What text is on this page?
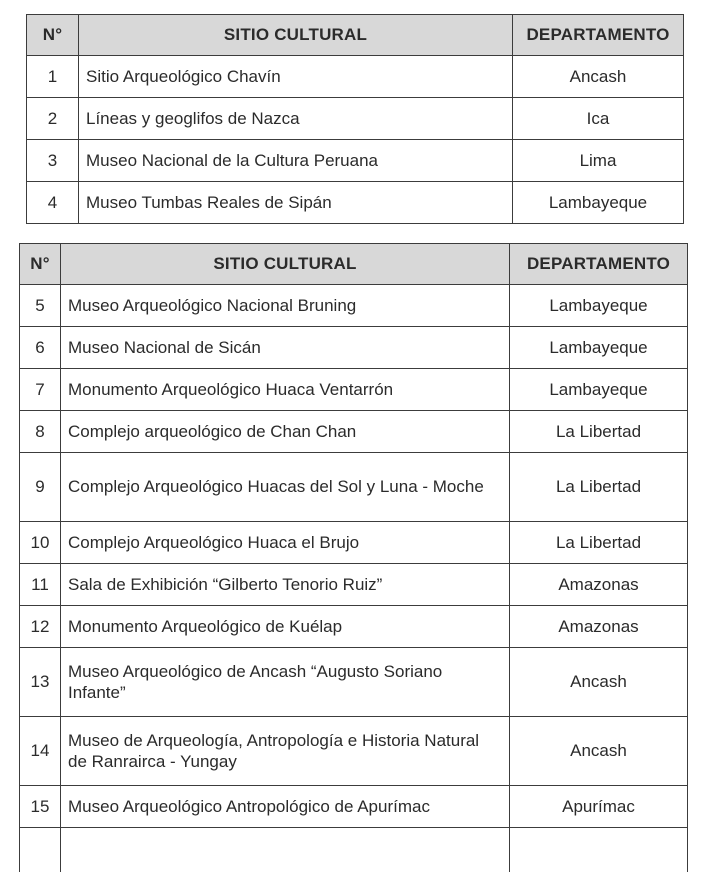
N°	SITIO CULTURAL	DEPARTAMENTO
1	Sitio Arqueológico Chavín	Ancash
2	Líneas y geoglifos de Nazca	Ica
3	Museo Nacional de la Cultura Peruana	Lima
4	Museo Tumbas Reales de Sipán	Lambayeque
N°	SITIO CULTURAL	DEPARTAMENTO
5	Museo Arqueológico Nacional Bruning	Lambayeque
6	Museo Nacional de Sicán	Lambayeque
7	Monumento Arqueológico Huaca Ventarrón	Lambayeque
8	Complejo arqueológico de Chan Chan	La Libertad
9	Complejo Arqueológico Huacas del Sol y Luna - Moche	La Libertad
10	Complejo Arqueológico Huaca el Brujo	La Libertad
11	Sala de Exhibición “Gilberto Tenorio Ruiz”	Amazonas
12	Monumento Arqueológico de Kuélap	Amazonas
13	Museo Arqueológico de Ancash “Augusto Soriano Infante”	Ancash
14	Museo de Arqueología, Antropología e Historia Natural de Ranrairca - Yungay	Ancash
15	Museo Arqueológico Antropológico de Apurímac	Apurímac
